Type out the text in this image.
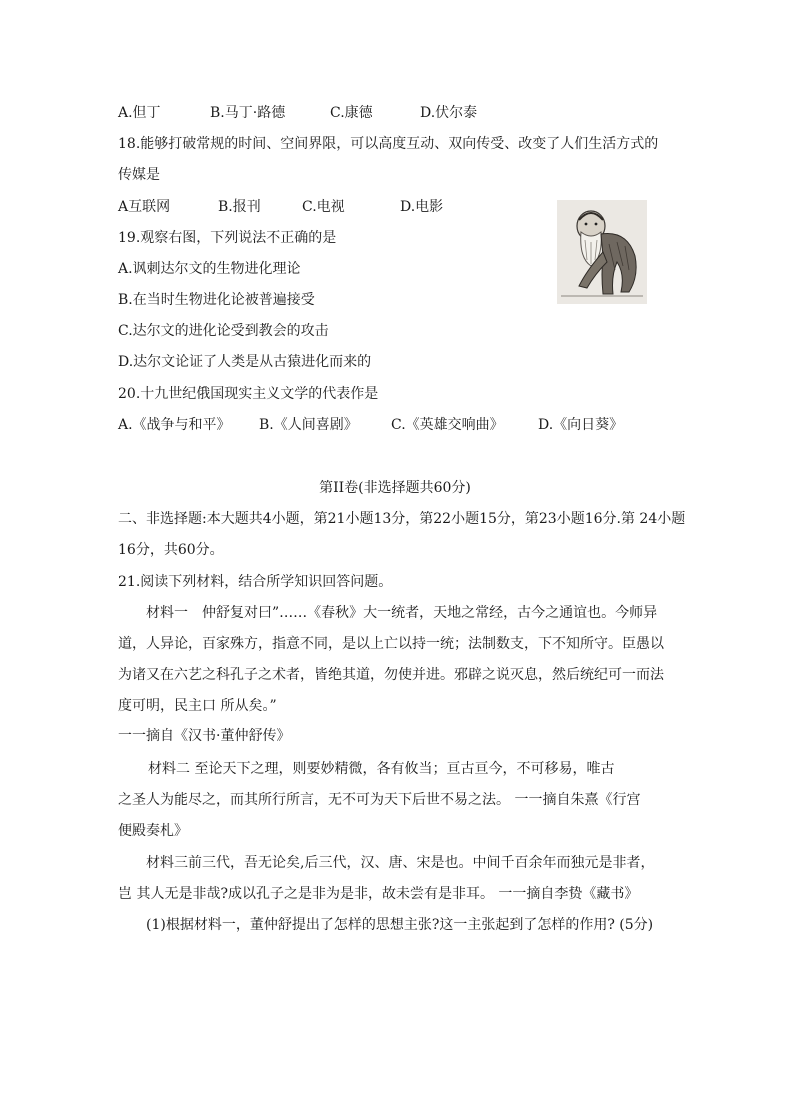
A.但丁	B.马丁·路德	C.康德	D.伏尔泰
18.能够打破常规的时间、空间界限，可以高度互动、双向传受、改变了人们生活方式的
传媒是
A互联网	B.报刊	C.电视	D.电影
19.观察右图，下列说法不正确的是
A.讽刺达尔文的生物进化理论
B.在当时生物进化论被普遍接受
C.达尔文的进化论受到教会的攻击
D.达尔文论证了人类是从古猿进化而来的
20.十九世纪俄国现实主义文学的代表作是
A.《战争与和平》 B.《人间喜剧》 C.《英雄交响曲》 D.《向日葵》
第II卷(非选择题共60分)
二、非选择题:本大题共4小题，第21小题13分，第22小题15分，第23小题16分.第 24小题
16分，共60分。
21.阅读下列材料，结合所学知识回答问题。
材料一　仲舒复对曰”……《春秋》大一统者，天地之常经，古今之通谊也。今师异
道，人异论，百家殊方，指意不同，是以上亡以持一统；法制数支，下不知所守。臣愚以
为诸又在六艺之科孔子之术者，皆绝其道，勿使并进。邪辟之说灭息，然后统纪可一而法
度可明，民主口 所从矣。”
一一摘自《汉书·董仲舒传》
材料二 至论天下之理，则要妙精微，各有攸当；亘古亘今，不可移易，唯古
之圣人为能尽之，而其所行所言，无不可为天下后世不易之法。 一一摘自朱熹《行宫
便殿奏札》
材料三前三代，吾无论矣,后三代，汉、唐、宋是也。中间千百余年而独元是非者，
岂 其人无是非哉?成以孔子之是非为是非，故未尝有是非耳。 一一摘自李贽《藏书》
(1)根据材料一，董仲舒提出了怎样的思想主张?这一主张起到了怎样的作用? (5分)
